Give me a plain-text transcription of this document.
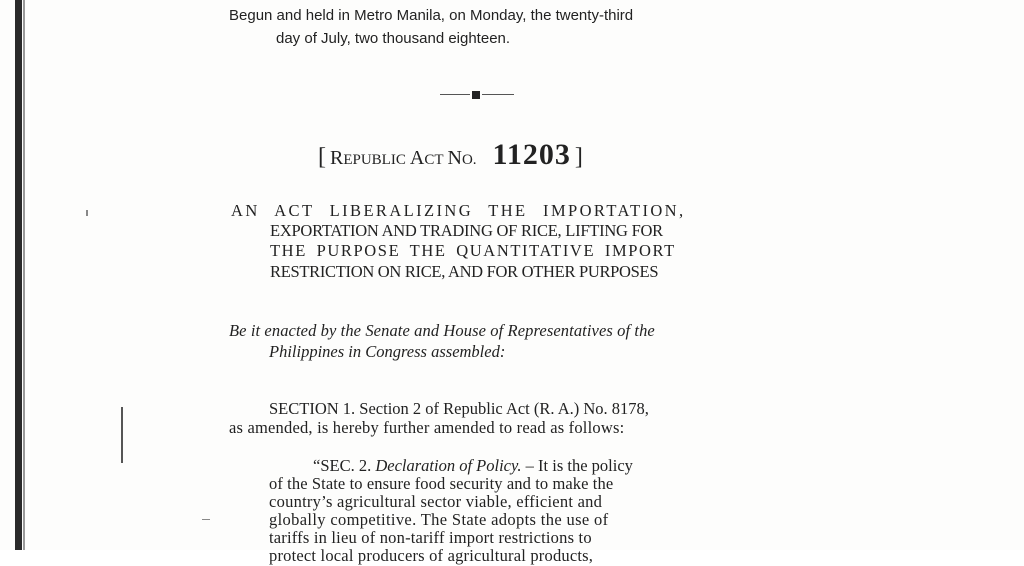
Begun and held in Metro Manila, on Monday, the twenty-third
day of July, two thousand eighteen.
[ REPUBLIC ACT NO. 11203 ]
AN ACT LIBERALIZING THE IMPORTATION,
EXPORTATION AND TRADING OF RICE, LIFTING FOR
THE PURPOSE THE QUANTITATIVE IMPORT
RESTRICTION ON RICE, AND FOR OTHER PURPOSES
Be it enacted by the Senate and House of Representatives of the
Philippines in Congress assembled:
SECTION 1. Section 2 of Republic Act (R. A.) No. 8178,
as amended, is hereby further amended to read as follows:
“SEC. 2. Declaration of Policy. – It is the policy
of the State to ensure food security and to make the
country’s agricultural sector viable, efficient and
globally competitive. The State adopts the use of
tariffs in lieu of non-tariff import restrictions to
protect local producers of agricultural products,
